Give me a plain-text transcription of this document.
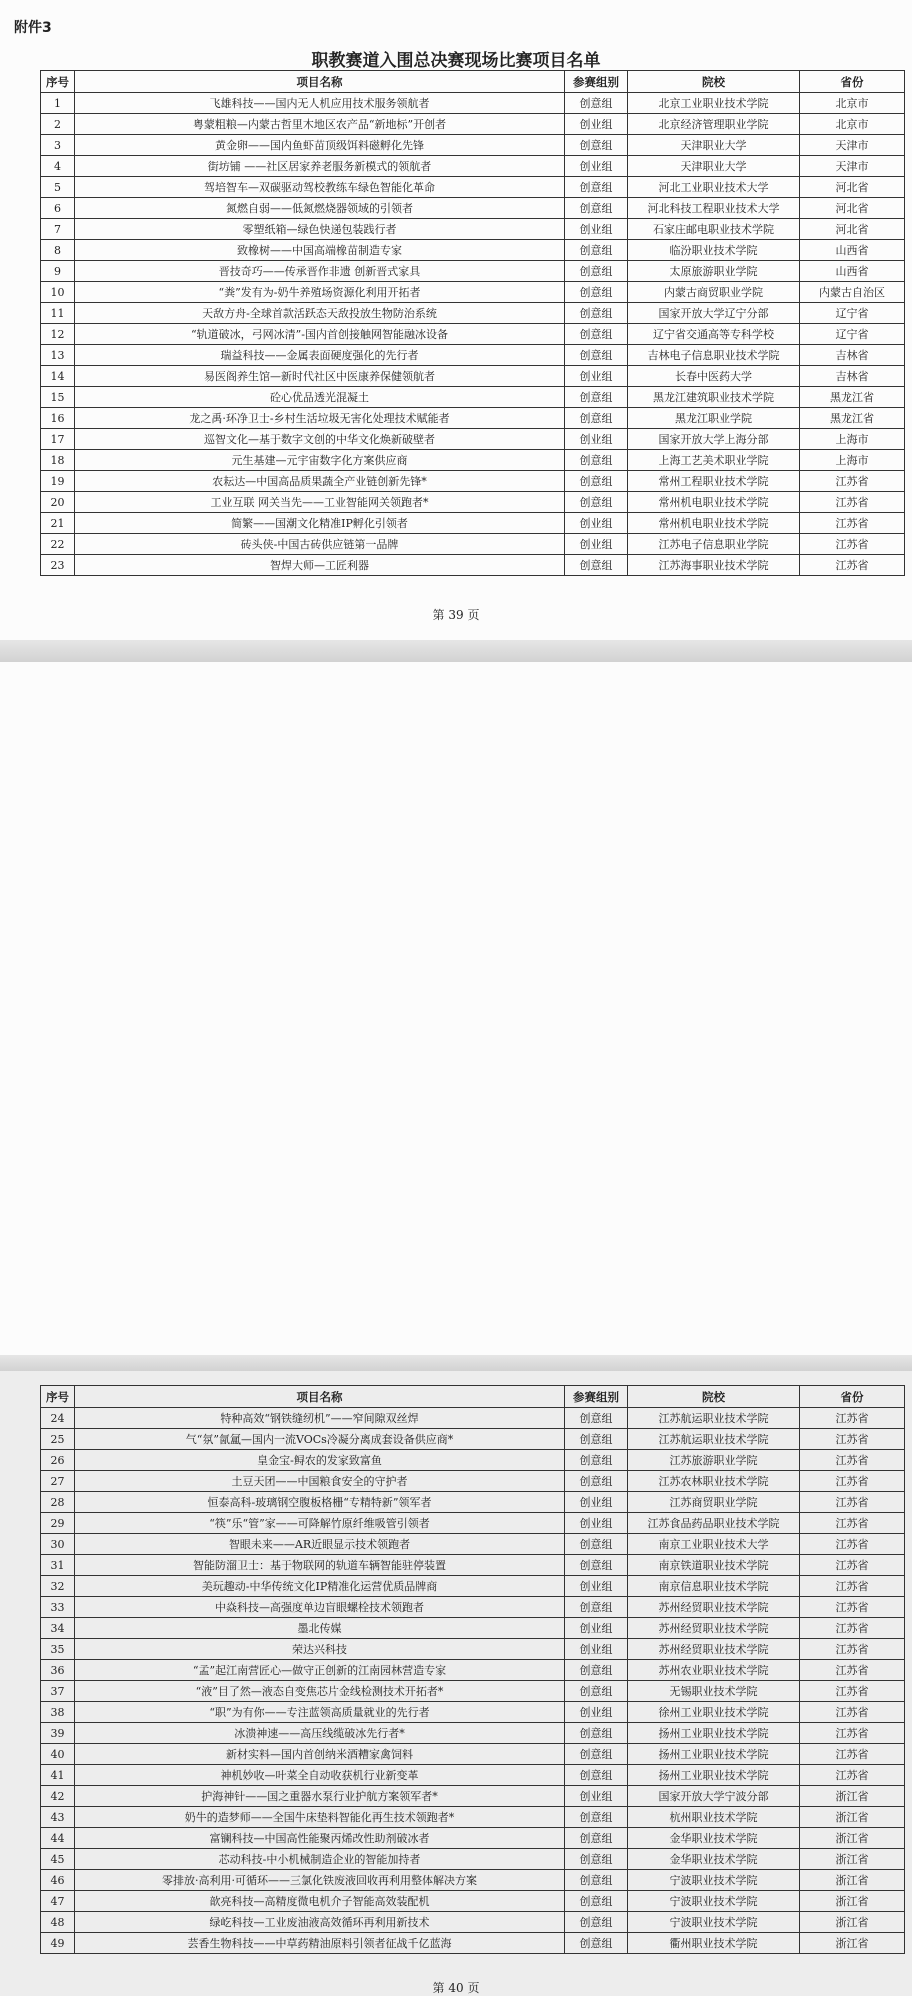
附件3
职教赛道入围总决赛现场比赛项目名单
序号	项目名称	参赛组别	院校	省份
1	飞雄科技——国内无人机应用技术服务领航者	创意组	北京工业职业技术学院	北京市
2	粤蒙粗粮—内蒙古哲里木地区农产品“新地标”开创者	创业组	北京经济管理职业学院	北京市
3	黄金卵——国内鱼虾苗顶级饵料磁孵化先锋	创意组	天津职业大学	天津市
4	街坊铺 ——社区居家养老服务新模式的领航者	创业组	天津职业大学	天津市
5	驾培智车—双碳驱动驾校教练车绿色智能化革命	创意组	河北工业职业技术大学	河北省
6	氮燃自弱——低氮燃烧器领域的引领者	创意组	河北科技工程职业技术大学	河北省
7	零塑纸箱—绿色快递包装践行者	创业组	石家庄邮电职业技术学院	河北省
8	致橡树——中国高端橡苗制造专家	创意组	临汾职业技术学院	山西省
9	晋技奇巧——传承晋作非遗 创新晋式家具	创意组	太原旅游职业学院	山西省
10	“粪”发有为-奶牛养殖场资源化利用开拓者	创意组	内蒙古商贸职业学院	内蒙古自治区
11	天敌方舟-全球首款活跃态天敌投放生物防治系统	创意组	国家开放大学辽宁分部	辽宁省
12	“轨道破冰，弓网冰清”-国内首创接触网智能融冰设备	创意组	辽宁省交通高等专科学校	辽宁省
13	瑞益科技——金属表面硬度强化的先行者	创意组	吉林电子信息职业技术学院	吉林省
14	易医阁养生馆—新时代社区中医康养保健领航者	创业组	长春中医药大学	吉林省
15	砼心优品透光混凝土	创意组	黑龙江建筑职业技术学院	黑龙江省
16	龙之禹·环净卫士-乡村生活垃圾无害化处理技术赋能者	创意组	黑龙江职业学院	黑龙江省
17	巡智文化—基于数字文创的中华文化焕新破壁者	创业组	国家开放大学上海分部	上海市
18	元生基建—元宇宙数字化方案供应商	创意组	上海工艺美术职业学院	上海市
19	农耘达—中国高品质果蔬全产业链创新先锋*	创意组	常州工程职业技术学院	江苏省
20	工业互联 网关当先——工业智能网关领跑者*	创意组	常州机电职业技术学院	江苏省
21	简繁——国潮文化精准IP孵化引领者	创业组	常州机电职业技术学院	江苏省
22	砖头侠-中国古砖供应链第一品牌	创业组	江苏电子信息职业学院	江苏省
23	智焊大师—工匠利器	创意组	江苏海事职业技术学院	江苏省
第 39 页
序号	项目名称	参赛组别	院校	省份
24	特种高效“钢铁缝纫机”——窄间隙双丝焊	创意组	江苏航运职业技术学院	江苏省
25	气“氛”氤氲—国内一流VOCs冷凝分离成套设备供应商*	创意组	江苏航运职业技术学院	江苏省
26	皇金宝-鲟农的发家致富鱼	创意组	江苏旅游职业学院	江苏省
27	土豆天团——中国粮食安全的守护者	创意组	江苏农林职业技术学院	江苏省
28	恒泰高科-玻璃钢空腹板格栅“专精特新”领军者	创业组	江苏商贸职业学院	江苏省
29	“筷”乐“管”家——可降解竹原纤维吸管引领者	创业组	江苏食品药品职业技术学院	江苏省
30	智眼未来——AR近眼显示技术领跑者	创意组	南京工业职业技术大学	江苏省
31	智能防溜卫士：基于物联网的轨道车辆智能驻停装置	创意组	南京铁道职业技术学院	江苏省
32	美玩趣动-中华传统文化IP精准化运营优质品牌商	创业组	南京信息职业技术学院	江苏省
33	中焱科技—高强度单边盲眼螺栓技术领跑者	创意组	苏州经贸职业技术学院	江苏省
34	墨北传媒	创业组	苏州经贸职业技术学院	江苏省
35	荣达兴科技	创业组	苏州经贸职业技术学院	江苏省
36	“孟”起江南营匠心—做守正创新的江南园林营造专家	创意组	苏州农业职业技术学院	江苏省
37	“液”目了然—液态自变焦芯片金线检测技术开拓者*	创意组	无锡职业技术学院	江苏省
38	“职”为有你——专注蓝领高质量就业的先行者	创业组	徐州工业职业技术学院	江苏省
39	冰溃神速——高压线缆破冰先行者*	创意组	扬州工业职业技术学院	江苏省
40	新材实料—国内首创纳米酒糟家禽饲料	创意组	扬州工业职业技术学院	江苏省
41	神机妙收—叶菜全自动收获机行业新变革	创意组	扬州工业职业技术学院	江苏省
42	护海神针——国之重器水泵行业护航方案领军者*	创业组	国家开放大学宁波分部	浙江省
43	奶牛的造梦师——全国牛床垫料智能化再生技术领跑者*	创意组	杭州职业技术学院	浙江省
44	富镧科技—中国高性能聚丙烯改性助剂破冰者	创意组	金华职业技术学院	浙江省
45	芯动科技-中小机械制造企业的智能加持者	创意组	金华职业技术学院	浙江省
46	零排放·高利用·可循环——三氯化铁废液回收再利用整体解决方案	创意组	宁波职业技术学院	浙江省
47	歆亮科技—高精度微电机介子智能高效装配机	创意组	宁波职业技术学院	浙江省
48	绿屹科技—工业废油液高效循环再利用新技术	创意组	宁波职业技术学院	浙江省
49	芸香生物科技——中草药精油原料引领者征战千亿蓝海	创意组	衢州职业技术学院	浙江省
第 40 页
